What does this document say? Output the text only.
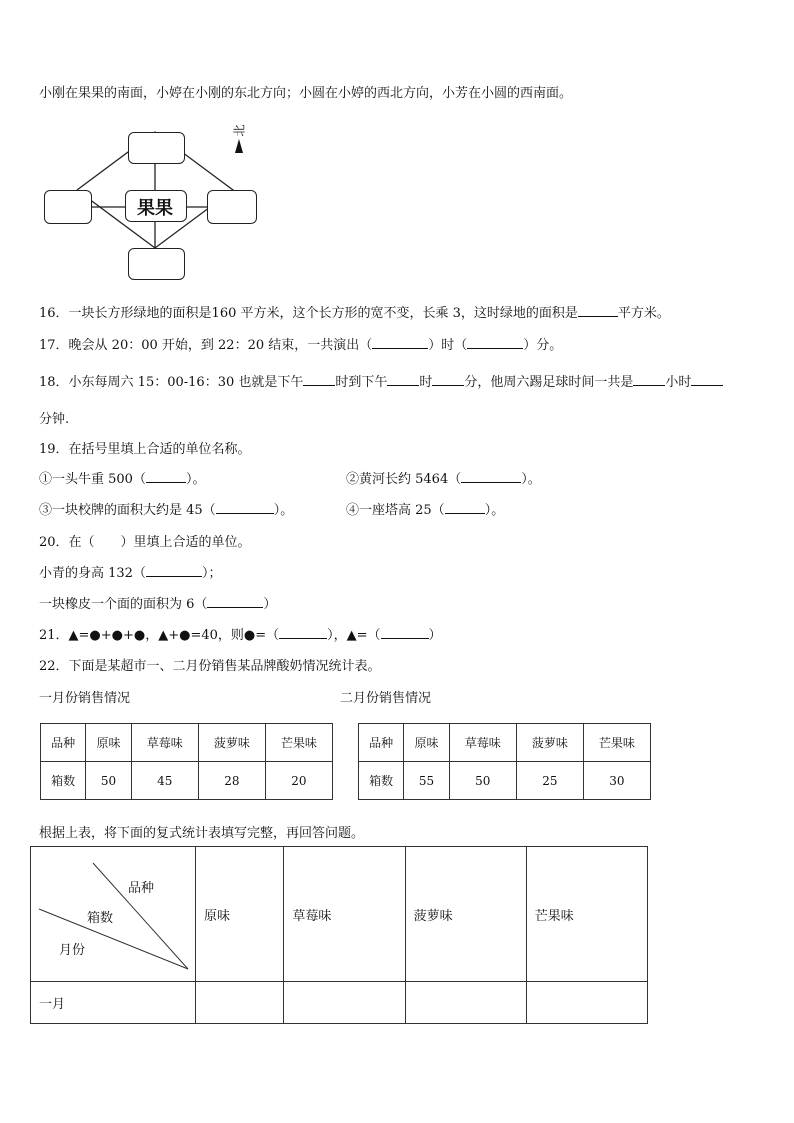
小刚在果果的南面，小婷在小刚的东北方向；小圆在小婷的西北方向，小芳在小圆的西南面。
果果
北
16．一块长方形绿地的面积是160 平方米，这个长方形的宽不变，长乘 3，这时绿地的面积是	平方米。
17．晚会从 20：00 开始，到 22：20 结束，一共演出（	）时（	）分。
18．小东每周六 15：00-16：30 也就是下午 时到下午 时 分，他周六踢足球时间一共是 小时
分钟.
19．在括号里填上合适的单位名称。
①一头牛重 500（	）。	②黄河长约 5464（	）。
③一块校牌的面积大约是 45（	）。	④一座塔高 25（	）。
20．在（　　）里填上合适的单位。
小青的身高 132（	）；
一块橡皮一个面的面积为 6（	）
21．▲=●+●+●，▲+●=40，则●=（	），▲=（	）
22．下面是某超市一、二月份销售某品牌酸奶情况统计表。
一月份销售情况	二月份销售情况
品种	原味	草莓味	菠萝味	芒果味
箱数	50	45	28	20
品种	原味	草莓味	菠萝味	芒果味
箱数	55	50	25	30
根据上表，将下面的复式统计表填写完整，再回答问题。
品种
箱数
月份	原味	草莓味	菠萝味	芒果味
一月				
